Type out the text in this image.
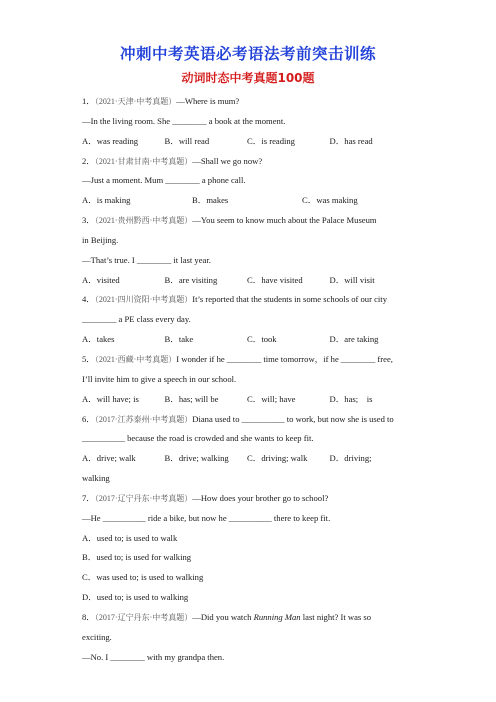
冲刺中考英语必考语法考前突击训练
动词时态中考真题100题
1．（2021·天津·中考真题）—Where is mum?
—In the living room. She ________ a book at the moment.
A．was reading	B．will read	C．is reading	D．has read
2．（2021·甘肃甘南·中考真题）—Shall we go now?
—Just a moment. Mum ________ a phone call.
A．is making	B．makes	C．was making
3．（2021·贵州黔西·中考真题）—You seem to know much about the Palace Museum
in Beijing.
—That’s true. I ________ it last year.
A．visited	B．are visiting	C．have visited	D．will visit
4．（2021·四川资阳·中考真题）It’s reported that the students in some schools of our city
________ a PE class every day.
A．takes	B．take	C．took	D．are taking
5．（2021·西藏·中考真题）I wonder if he ________ time tomorrow，if he ________ free,
I’ll invite him to give a speech in our school.
A．will have; is	B．has; will be	C．will; have	D．has;　is
6．（2017·江苏泰州·中考真题）Diana used to __________ to work, but now she is used to
__________ because the road is crowded and she wants to keep fit.
A．drive; walk	B．drive; walking	C．driving; walk	D．driving;
walking
7．（2017·辽宁丹东·中考真题）—How does your brother go to school?
—He __________ ride a bike, but now he __________ there to keep fit.
A．used to; is used to walk
B．used to; is used for walking
C．was used to; is used to walking
D．used to; is used to walking
8．（2017·辽宁丹东·中考真题）—Did you watch Running Man last night? It was so
exciting.
—No. I ________ with my grandpa then.
